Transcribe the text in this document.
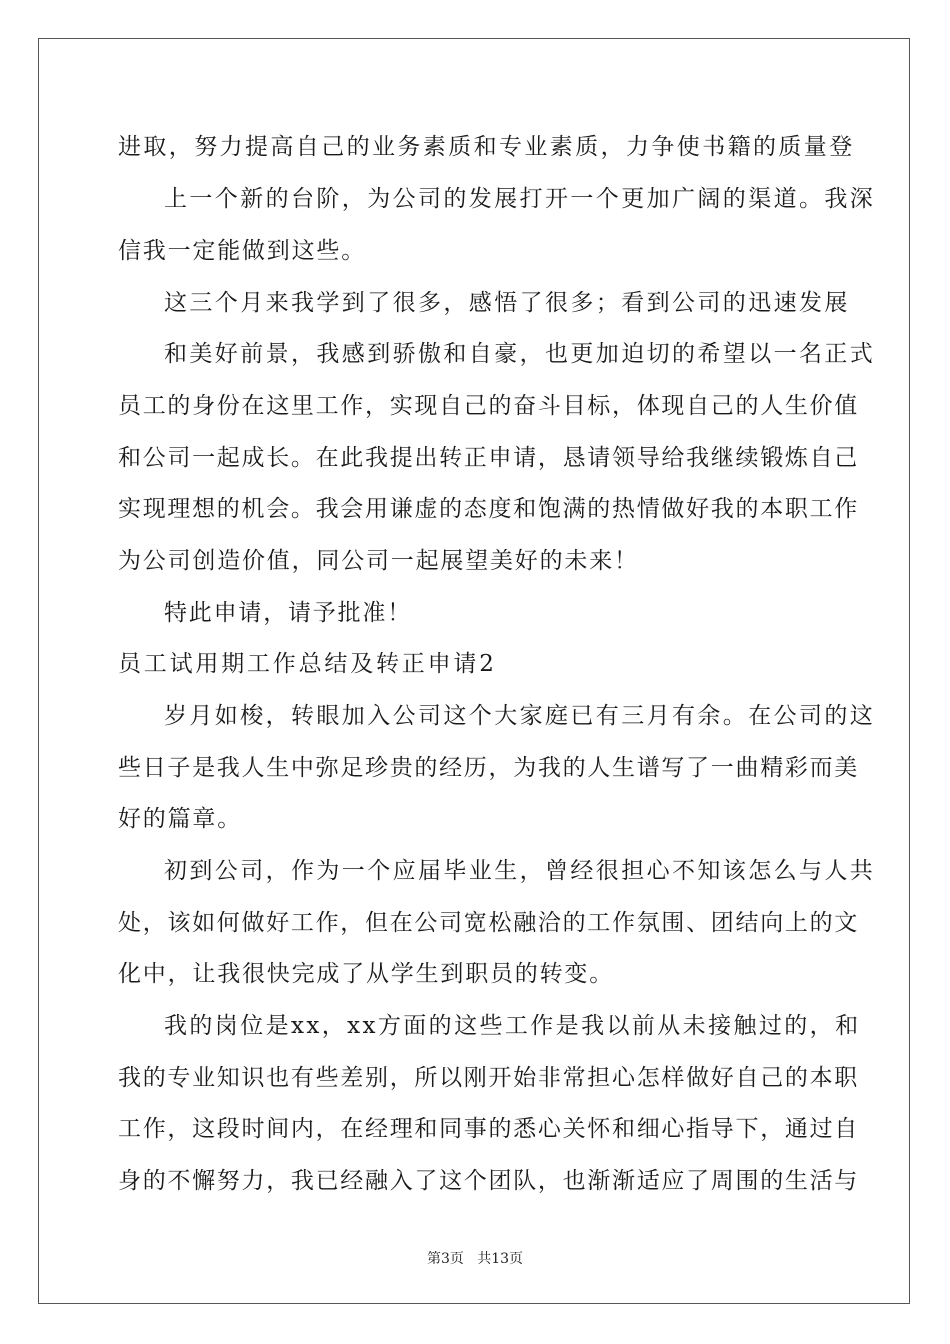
进取，努力提高自己的业务素质和专业素质，力争使书籍的质量登
上一个新的台阶，为公司的发展打开一个更加广阔的渠道。我深
信我一定能做到这些。
这三个月来我学到了很多，感悟了很多；看到公司的迅速发展
和美好前景，我感到骄傲和自豪，也更加迫切的希望以一名正式
员工的身份在这里工作，实现自己的奋斗目标，体现自己的人生价值
和公司一起成长。在此我提出转正申请，恳请领导给我继续锻炼自己
实现理想的机会。我会用谦虚的态度和饱满的热情做好我的本职工作
为公司创造价值，同公司一起展望美好的未来！
特此申请，请予批准！
员工试用期工作总结及转正申请2
岁月如梭，转眼加入公司这个大家庭已有三月有余。在公司的这
些日子是我人生中弥足珍贵的经历，为我的人生谱写了一曲精彩而美
好的篇章。
初到公司，作为一个应届毕业生，曾经很担心不知该怎么与人共
处，该如何做好工作，但在公司宽松融洽的工作氛围、团结向上的文
化中，让我很快完成了从学生到职员的转变。
我的岗位是xx，xx方面的这些工作是我以前从未接触过的，和
我的专业知识也有些差别，所以刚开始非常担心怎样做好自己的本职
工作，这段时间内，在经理和同事的悉心关怀和细心指导下，通过自
身的不懈努力，我已经融入了这个团队，也渐渐适应了周围的生活与
第3页   共13页
